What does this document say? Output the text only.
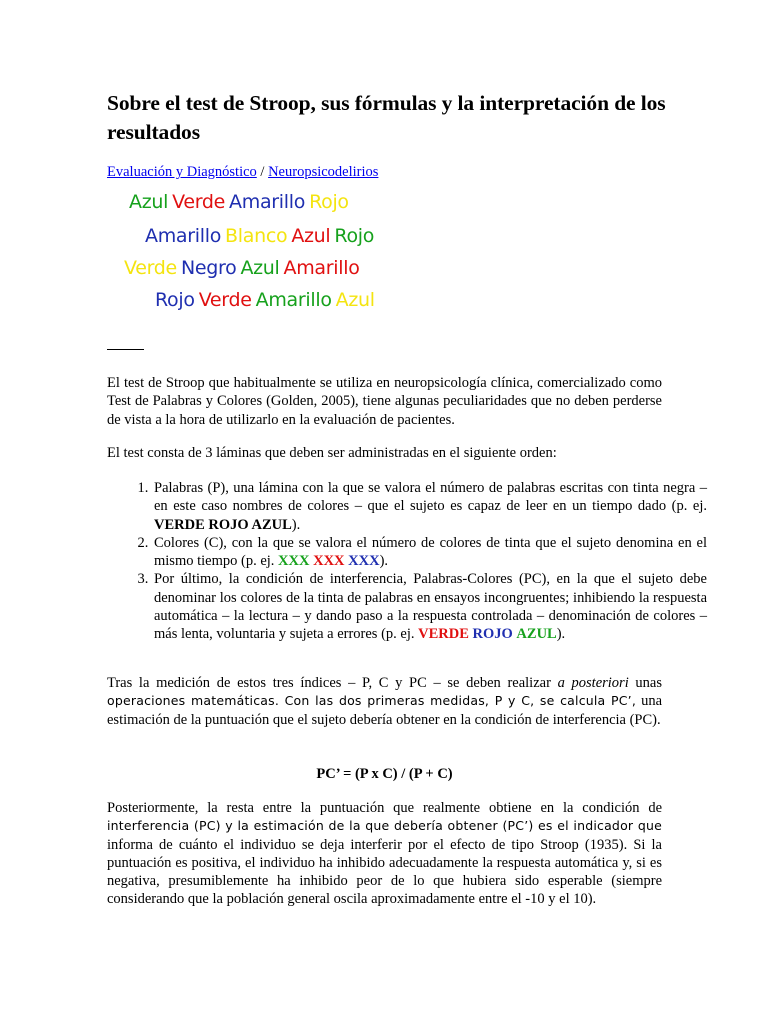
Sobre el test de Stroop, sus fórmulas y la interpretación de los resultados
Evaluación y Diagnóstico / Neuropsicodelirios
Azul Verde Amarillo Rojo
Amarillo Blanco Azul Rojo
Verde Negro Azul Amarillo
Rojo Verde Amarillo Azul

El test de Stroop que habitualmente se utiliza en neuropsicología clínica, comercializado como Test de Palabras y Colores (Golden, 2005), tiene algunas peculiaridades que no deben perderse de vista a la hora de utilizarlo en la evaluación de pacientes.

El test consta de 3 láminas que deben ser administradas en el siguiente orden:

1. Palabras (P), una lámina con la que se valora el número de palabras escritas con tinta negra – en este caso nombres de colores – que el sujeto es capaz de leer en un tiempo dado (p. ej. VERDE ROJO AZUL).
2. Colores (C), con la que se valora el número de colores de tinta que el sujeto denomina en el mismo tiempo (p. ej. XXX XXX XXX).
3. Por último, la condición de interferencia, Palabras-Colores (PC), en la que el sujeto debe denominar los colores de la tinta de palabras en ensayos incongruentes; inhibiendo la respuesta automática – la lectura – y dando paso a la respuesta controlada – denominación de colores – más lenta, voluntaria y sujeta a errores (p. ej. VERDE ROJO AZUL).

Tras la medición de estos tres índices – P, C y PC – se deben realizar a posteriori unas operaciones matemáticas. Con las dos primeras medidas, P y C, se calcula PC’, una estimación de la puntuación que el sujeto debería obtener en la condición de interferencia (PC).

PC’ = (P x C) / (P + C)

Posteriormente, la resta entre la puntuación que realmente obtiene en la condición de interferencia (PC) y la estimación de la que debería obtener (PC’) es el indicador que informa de cuánto el individuo se deja interferir por el efecto de tipo Stroop (1935). Si la puntuación es positiva, el individuo ha inhibido adecuadamente la respuesta automática y, si es negativa, presumiblemente ha inhibido peor de lo que hubiera sido esperable (siempre considerando que la población general oscila aproximadamente entre el -10 y el 10).
